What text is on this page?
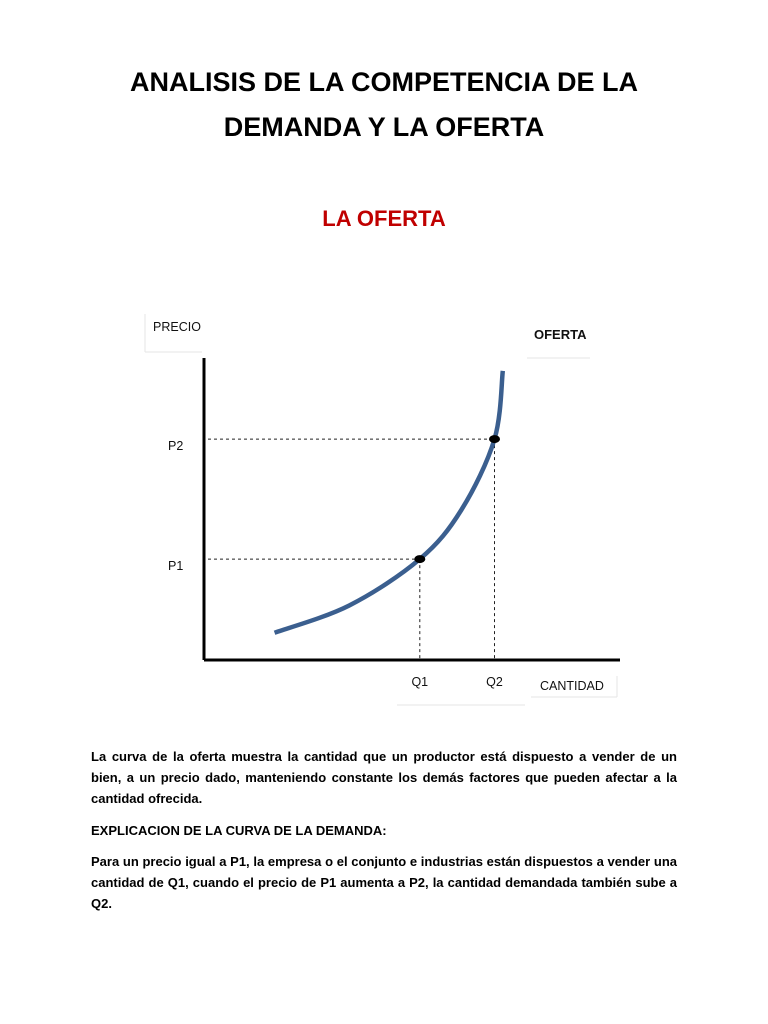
ANALISIS DE LA COMPETENCIA DE LA DEMANDA Y LA OFERTA
LA OFERTA
PRECIO
CANTIDAD
P1
Q1
P2
Q2
OFERTA

La curva de la oferta muestra la cantidad que un productor está dispuesto a vender de un bien, a un precio dado, manteniendo constante los demás factores que pueden afectar a la cantidad ofrecida.

EXPLICACION DE LA CURVA DE LA DEMANDA:

Para un precio igual a P1, la empresa o el conjunto e industrias están dispuestos a vender una cantidad de Q1, cuando el precio de P1 aumenta a P2, la cantidad demandada también sube a Q2.
